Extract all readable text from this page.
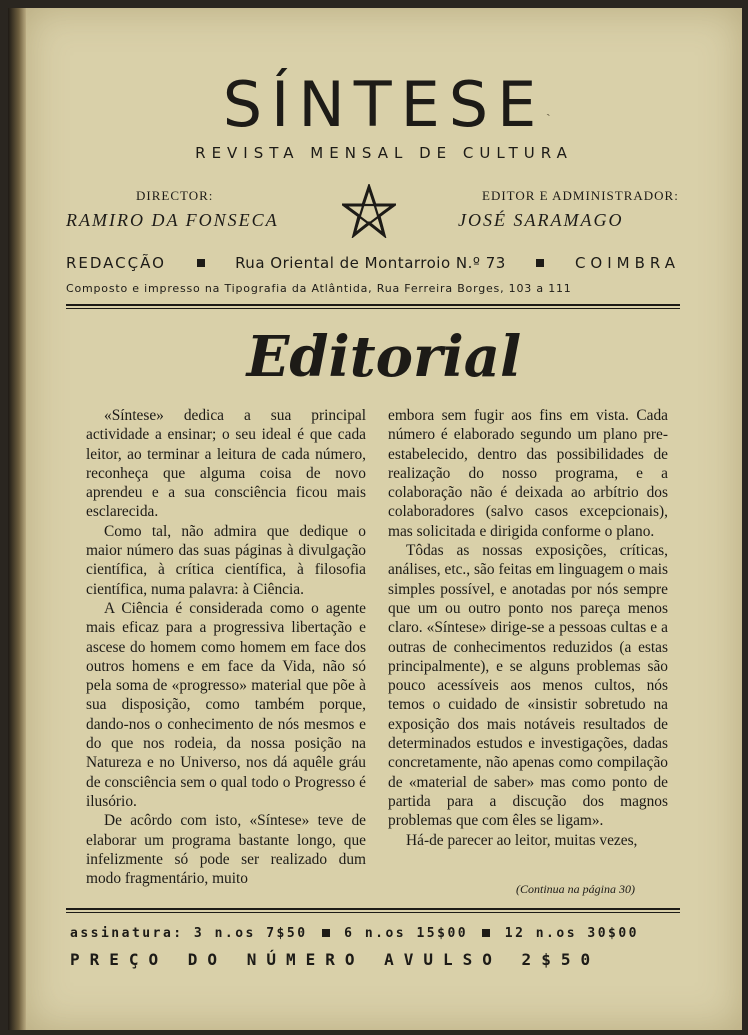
SÍNTESE ˎ
REVISTA MENSAL DE CULTURA
DIRECTOR:
RAMIRO DA FONSECA
EDITOR E ADMINISTRADOR:
JOSÉ SARAMAGO
REDACÇÃO	Rua Oriental de Montarroio N.º 73	COIMBRA
Composto e impresso na Tipografia da Atlântida, Rua Ferreira Borges, 103 a 111
Editorial

«Síntese» dedica a sua principal actividade a ensinar; o seu ideal é que cada leitor, ao terminar a leitura de cada número, reconheça que alguma coisa de novo aprendeu e a sua consciência ficou mais esclarecida.

Como tal, não admira que dedique o maior número das suas páginas à divulgação científica, à crítica científica, à filosofia científica, numa palavra: à Ciência.

A Ciência é considerada como o agente mais eficaz para a progressiva libertação e ascese do homem como homem em face dos outros homens e em face da Vida, não só pela soma de «progresso» material que põe à sua disposição, como também porque, dando-nos o conhecimento de nós mesmos e do que nos rodeia, da nossa posição na Natureza e no Universo, nos dá aquêle gráu de consciência sem o qual todo o Progresso é ilusório.

De acôrdo com isto, «Síntese» teve de elaborar um programa bastante longo, que infelizmente só pode ser realizado dum modo fragmentário, muito

embora sem fugir aos fins em vista. Cada número é elaborado segundo um plano pre-estabelecido, dentro das possibilidades de realização do nosso programa, e a colaboração não é deixada ao arbítrio dos colaboradores (salvo casos excepcionais), mas solicitada e dirigida conforme o plano.

Tôdas as nossas exposições, críticas, análises, etc., são feitas em linguagem o mais simples possível, e anotadas por nós sempre que um ou outro ponto nos pareça menos claro. «Síntese» dirige-se a pessoas cultas e a outras de conhecimentos reduzidos (a estas principalmente), e se alguns problemas são pouco acessíveis aos menos cultos, nós temos o cuidado de «insistir sobretudo na exposição dos mais notáveis resultados de determinados estudos e investigações, dadas concretamente, não apenas como compilação de «material de saber» mas como ponto de partida para a discução dos magnos problemas que com êles se ligam».

Há-de parecer ao leitor, muitas vezes,

(Continua na página 30)
assinatura: 3 n.os 7$50	6 n.os 15$00	12 n.os 30$00
PREÇO DO NÚMERO AVULSO 2$50
